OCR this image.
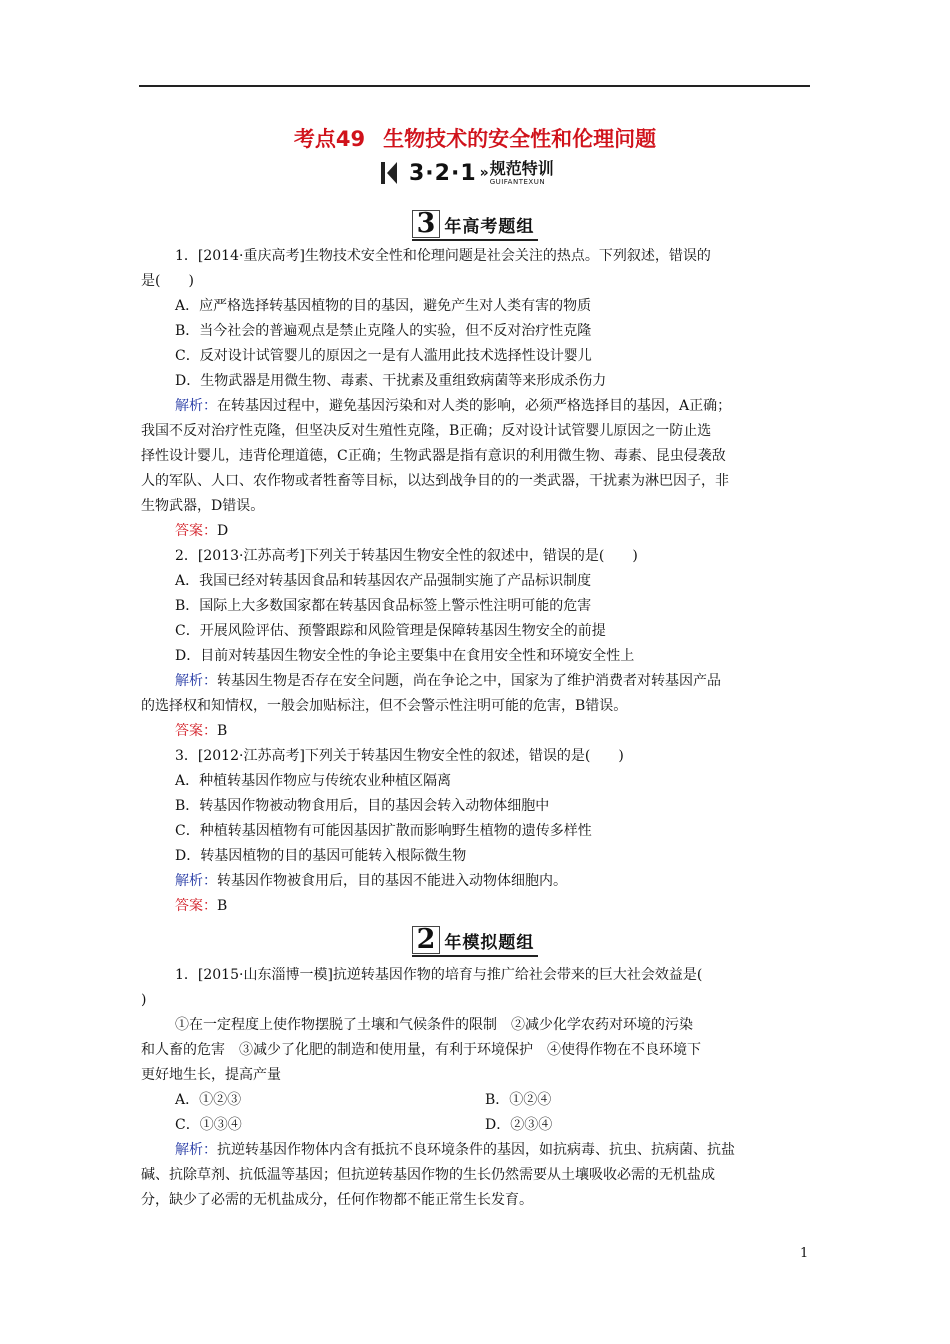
考点49 生物技术的安全性和伦理问题
3·2·1 » 规范特训
GUIFANTEXUN
3 年高考题组
2 年模拟题组
1．[2014·重庆高考]生物技术安全性和伦理问题是社会关注的热点。下列叙述，错误的
是(　　)
A．应严格选择转基因植物的目的基因，避免产生对人类有害的物质
B．当今社会的普遍观点是禁止克隆人的实验，但不反对治疗性克隆
C．反对设计试管婴儿的原因之一是有人滥用此技术选择性设计婴儿
D．生物武器是用微生物、毒素、干扰素及重组致病菌等来形成杀伤力
解析：在转基因过程中，避免基因污染和对人类的影响，必须严格选择目的基因，A正确；
我国不反对治疗性克隆，但坚决反对生殖性克隆，B正确；反对设计试管婴儿原因之一防止选
择性设计婴儿，违背伦理道德，C正确；生物武器是指有意识的利用微生物、毒素、昆虫侵袭敌
人的军队、人口、农作物或者牲畜等目标，以达到战争目的的一类武器，干扰素为淋巴因子，非
生物武器，D错误。
答案：D
2．[2013·江苏高考]下列关于转基因生物安全性的叙述中，错误的是(　　)
A．我国已经对转基因食品和转基因农产品强制实施了产品标识制度
B．国际上大多数国家都在转基因食品标签上警示性注明可能的危害
C．开展风险评估、预警跟踪和风险管理是保障转基因生物安全的前提
D．目前对转基因生物安全性的争论主要集中在食用安全性和环境安全性上
解析：转基因生物是否存在安全问题，尚在争论之中，国家为了维护消费者对转基因产品
的选择权和知情权，一般会加贴标注，但不会警示性注明可能的危害，B错误。
答案：B
3．[2012·江苏高考]下列关于转基因生物安全性的叙述，错误的是(　　)
A．种植转基因作物应与传统农业种植区隔离
B．转基因作物被动物食用后，目的基因会转入动物体细胞中
C．种植转基因植物有可能因基因扩散而影响野生植物的遗传多样性
D．转基因植物的目的基因可能转入根际微生物
解析：转基因作物被食用后，目的基因不能进入动物体细胞内。
答案：B
1．[2015·山东淄博一模]抗逆转基因作物的培育与推广给社会带来的巨大社会效益是(
)
①在一定程度上使作物摆脱了土壤和气候条件的限制　②减少化学农药对环境的污染
和人畜的危害　③减少了化肥的制造和使用量，有利于环境保护　④使得作物在不良环境下
更好地生长，提高产量
A．①②③	B．①②④
C．①③④	D．②③④
解析：抗逆转基因作物体内含有抵抗不良环境条件的基因，如抗病毒、抗虫、抗病菌、抗盐
碱、抗除草剂、抗低温等基因；但抗逆转基因作物的生长仍然需要从土壤吸收必需的无机盐成
分，缺少了必需的无机盐成分，任何作物都不能正常生长发育。
1
